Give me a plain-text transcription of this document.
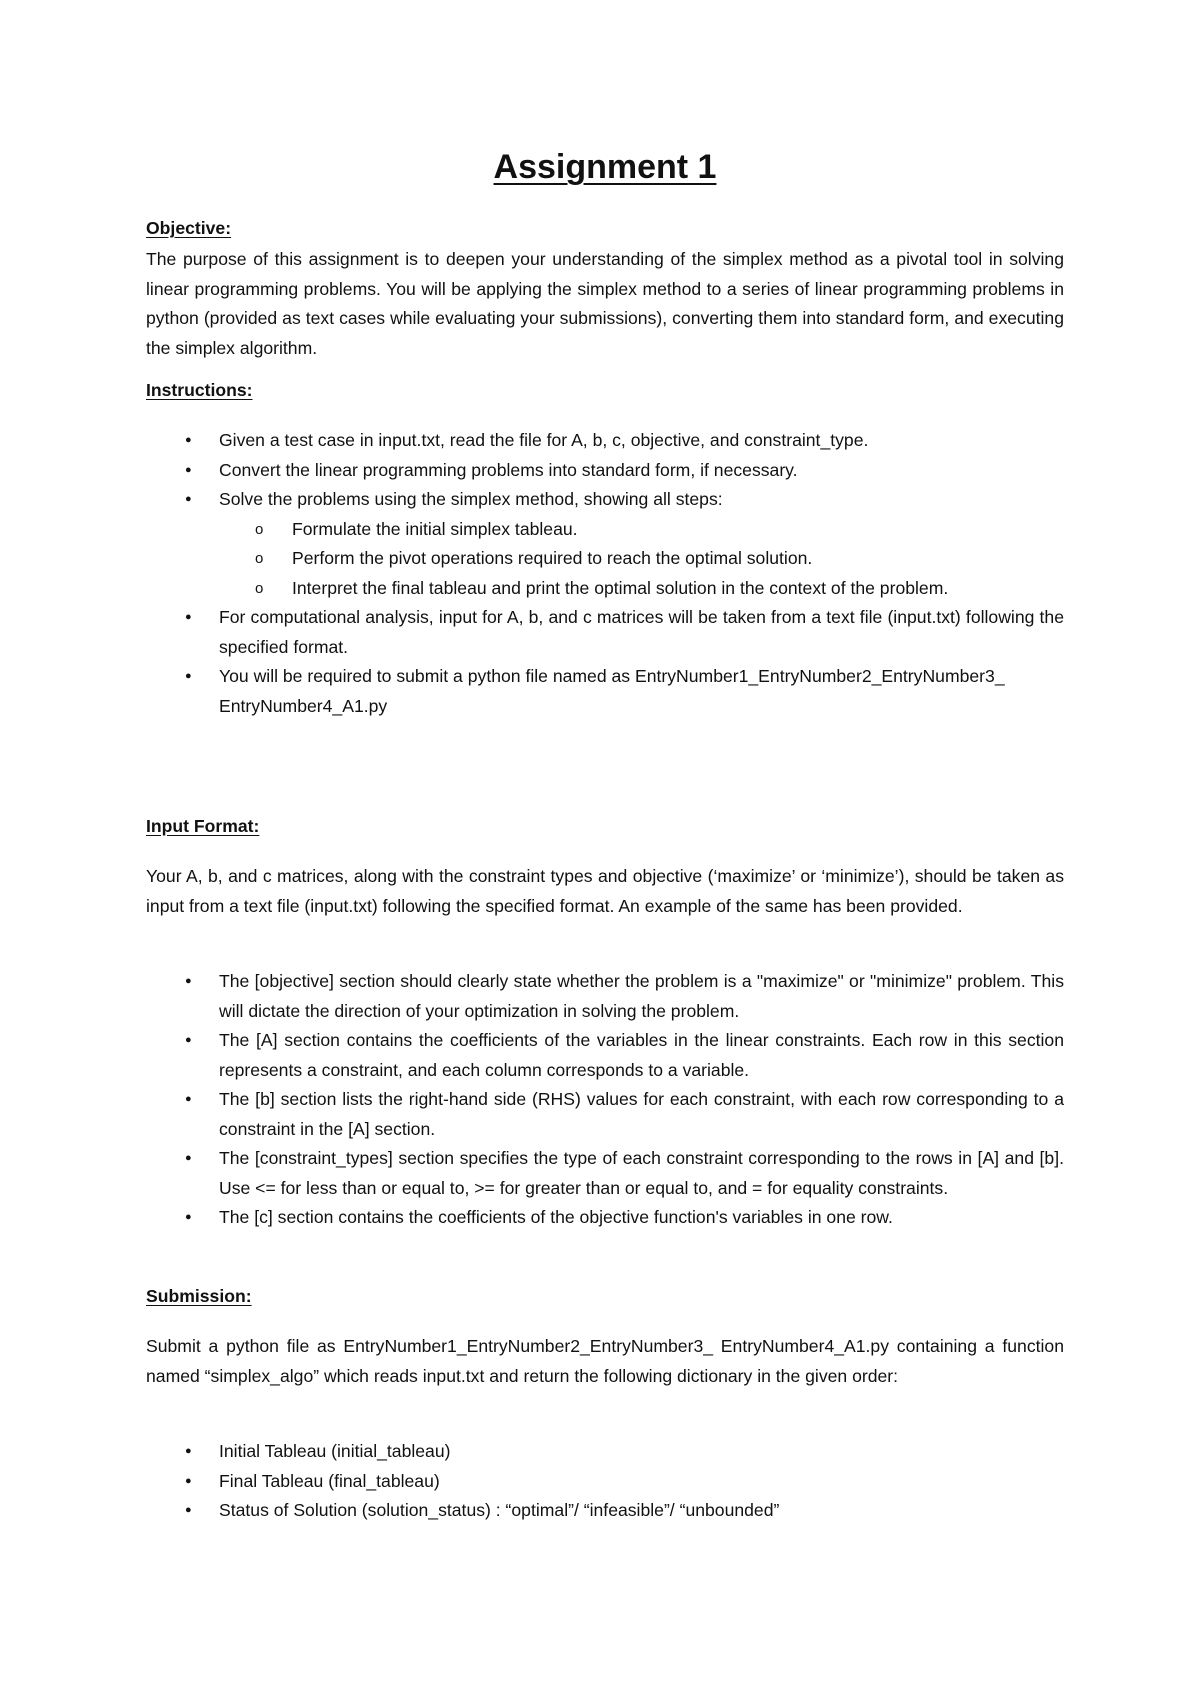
Assignment 1
Objective:

The purpose of this assignment is to deepen your understanding of the simplex method as a pivotal tool in solving linear programming problems. You will be applying the simplex method to a series of linear programming problems in python (provided as text cases while evaluating your submissions), converting them into standard form, and executing the simplex algorithm.

Instructions:
● Given a test case in input.txt, read the file for A, b, c, objective, and constraint_type.
● Convert the linear programming problems into standard form, if necessary.
● Solve the problems using the simplex method, showing all steps:
o Formulate the initial simplex tableau.
o Perform the pivot operations required to reach the optimal solution.
o Interpret the final tableau and print the optimal solution in the context of the problem.
● For computational analysis, input for A, b, and c matrices will be taken from a text file (input.txt) following the specified format.
● You will be required to submit a python file named as EntryNumber1_EntryNumber2_EntryNumber3_ EntryNumber4_A1.py
Input Format:

Your A, b, and c matrices, along with the constraint types and objective (‘maximize’ or ‘minimize’), should be taken as input from a text file (input.txt) following the specified format. An example of the same has been provided.

● The [objective] section should clearly state whether the problem is a "maximize" or "minimize" problem. This will dictate the direction of your optimization in solving the problem.
● The [A] section contains the coefficients of the variables in the linear constraints. Each row in this section represents a constraint, and each column corresponds to a variable.
● The [b] section lists the right-hand side (RHS) values for each constraint, with each row corresponding to a constraint in the [A] section.
● The [constraint_types] section specifies the type of each constraint corresponding to the rows in [A] and [b]. Use <= for less than or equal to, >= for greater than or equal to, and = for equality constraints.
● The [c] section contains the coefficients of the objective function's variables in one row.
Submission:

Submit a python file as EntryNumber1_EntryNumber2_EntryNumber3_ EntryNumber4_A1.py containing a function named “simplex_algo” which reads input.txt and return the following dictionary in the given order:

● Initial Tableau (initial_tableau)
● Final Tableau (final_tableau)
● Status of Solution (solution_status) : “optimal”/ “infeasible”/ “unbounded”
